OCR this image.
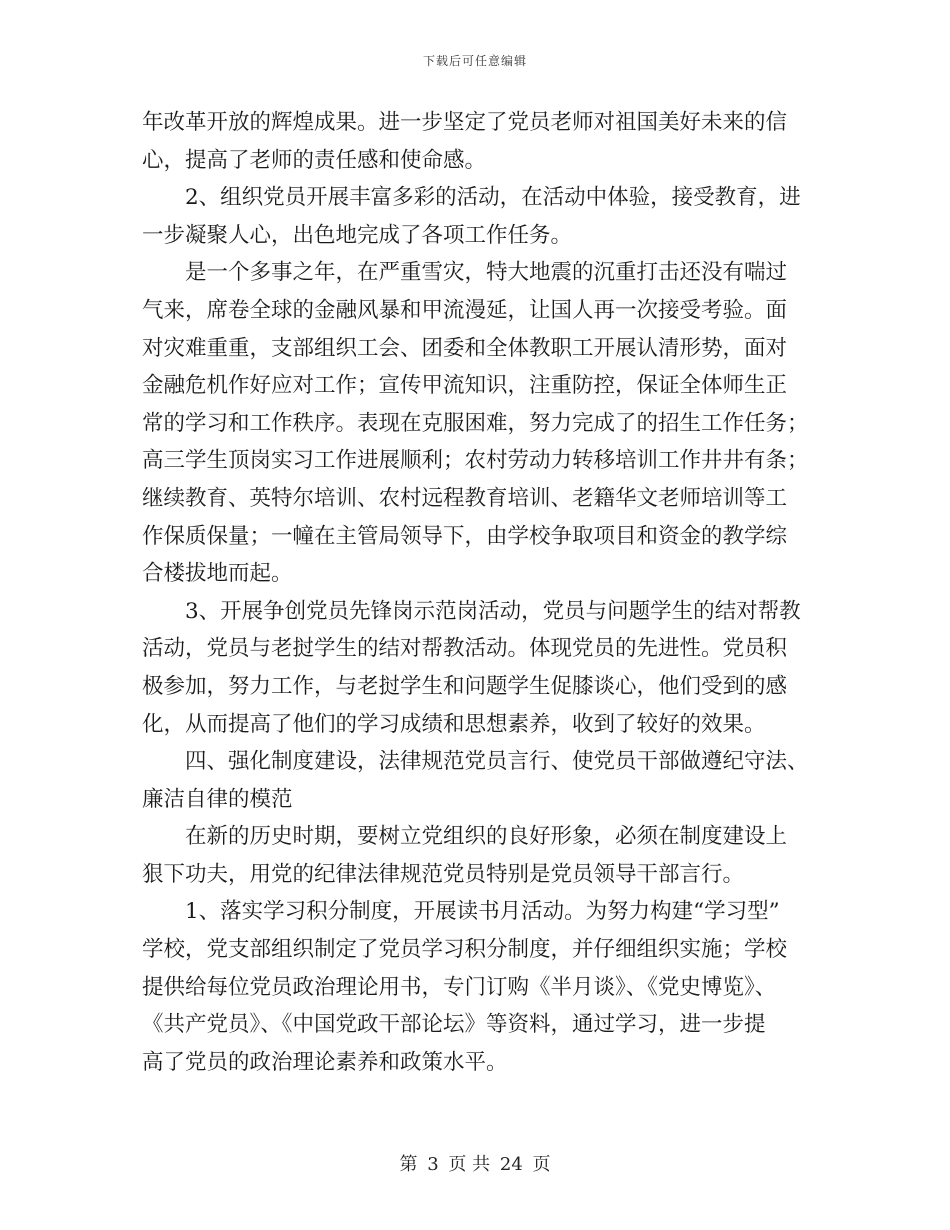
下载后可任意编辑

年改革开放的辉煌成果。进一步坚定了党员老师对祖国美好未来的信

心，提高了老师的责任感和使命感。

　　2、组织党员开展丰富多彩的活动，在活动中体验，接受教育，进

一步凝聚人心，出色地完成了各项工作任务。

　　是一个多事之年，在严重雪灾，特大地震的沉重打击还没有喘过

气来，席卷全球的金融风暴和甲流漫延，让国人再一次接受考验。面

对灾难重重，支部组织工会、团委和全体教职工开展认清形势，面对

金融危机作好应对工作；宣传甲流知识，注重防控，保证全体师生正

常的学习和工作秩序。表现在克服困难，努力完成了的招生工作任务；

高三学生顶岗实习工作进展顺利；农村劳动力转移培训工作井井有条；

继续教育、英特尔培训、农村远程教育培训、老籍华文老师培训等工

作保质保量；一幢在主管局领导下，由学校争取项目和资金的教学综

合楼拔地而起。

　　3、开展争创党员先锋岗示范岗活动，党员与问题学生的结对帮教

活动，党员与老挝学生的结对帮教活动。体现党员的先进性。党员积

极参加，努力工作，与老挝学生和问题学生促膝谈心，他们受到的感

化，从而提高了他们的学习成绩和思想素养，收到了较好的效果。

　　四、强化制度建设，法律规范党员言行、使党员干部做遵纪守法、

廉洁自律的模范

　　在新的历史时期，要树立党组织的良好形象，必须在制度建设上

狠下功夫，用党的纪律法律规范党员特别是党员领导干部言行。

　　1、落实学习积分制度，开展读书月活动。为努力构建“学习型”

学校，党支部组织制定了党员学习积分制度，并仔细组织实施；学校

提供给每位党员政治理论用书，专门订购《半月谈》、《党史博览》、

《共产党员》、《中国党政干部论坛》等资料，通过学习，进一步提

高了党员的政治理论素养和政策水平。

第 3 页 共 24 页
